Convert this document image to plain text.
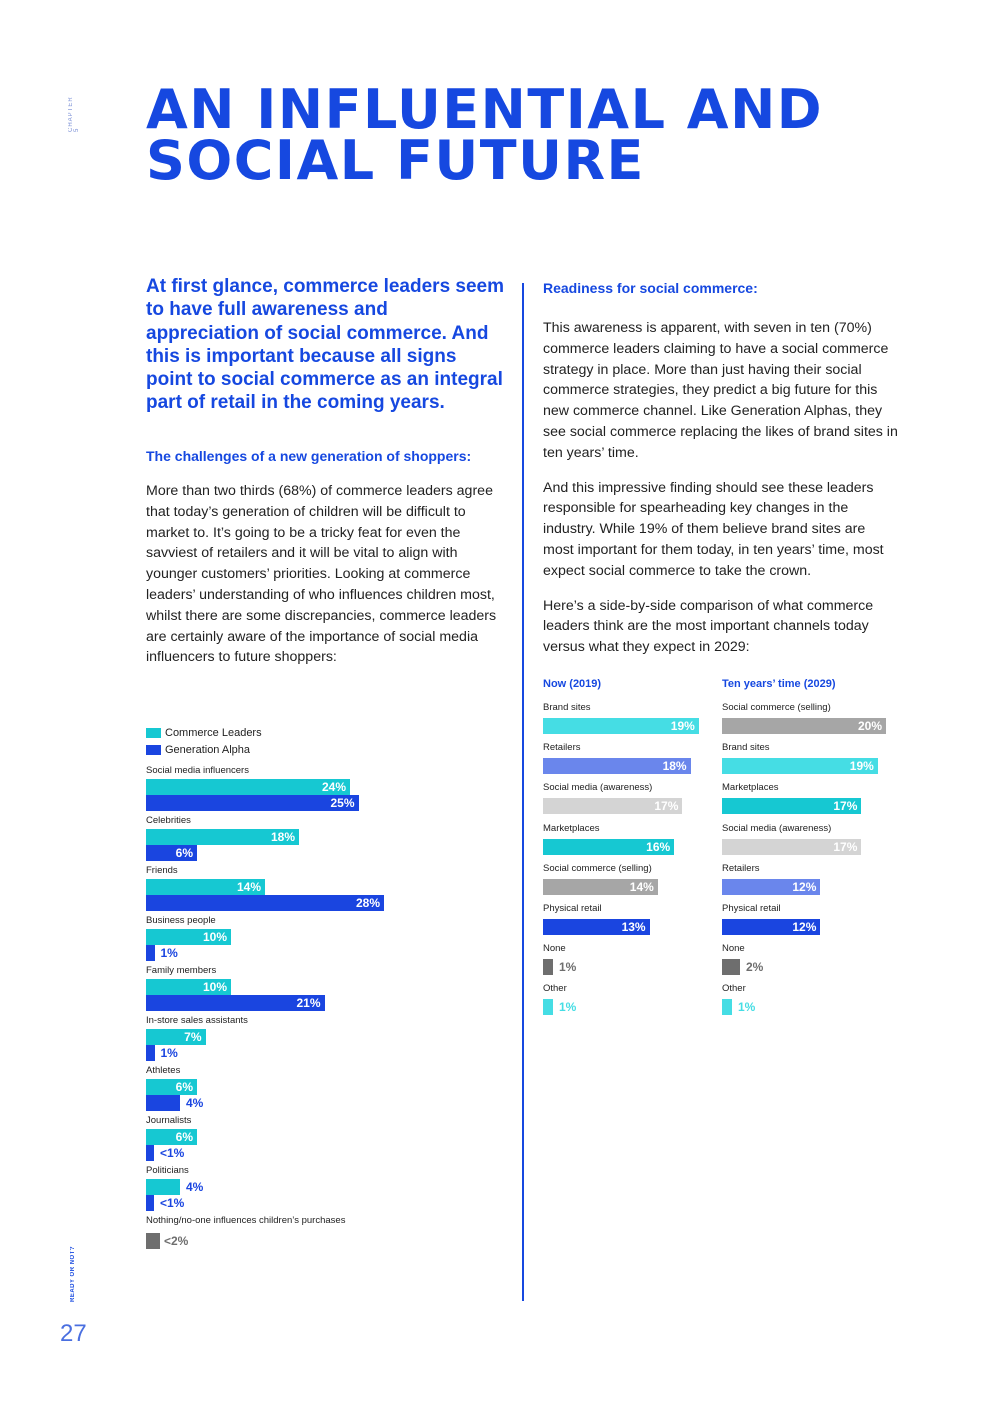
CHAPTER 5
READY OR NOT?
27
AN INFLUENTIAL AND
SOCIAL FUTURE

At first glance, commerce leaders seem to have full awareness and appreciation of social commerce. And this is important because all signs point to social commerce as an integral part of retail in the coming years.

The challenges of a new generation of shoppers:

More than two thirds (68%) of commerce leaders agree that today’s generation of children will be difficult to market to. It’s going to be a tricky feat for even the savviest of retailers and it will be vital to align with younger customers’ priorities. Looking at commerce leaders’ understanding of who influences children most, whilst there are some discrepancies, commerce leaders are certainly aware of the importance of social media influencers to future shoppers:

Readiness for social commerce:

This awareness is apparent, with seven in ten (70%) commerce leaders claiming to have a social commerce strategy in place. More than just having their social commerce strategies, they predict a big future for this new commerce channel. Like Generation Alphas, they see social commerce replacing the likes of brand sites in ten years’ time.

And this impressive finding should see these leaders responsible for spearheading key changes in the industry. While 19% of them believe brand sites are most important for them today, in ten years’ time, most expect social commerce to take the crown.

Here’s a side-by-side comparison of what commerce leaders think are the most important channels today versus what they expect in 2029:

Commerce Leaders
Generation Alpha
Social media influencers
24%
25%
Celebrities
18%
6%
Friends
14%
28%
Business people
10%
1%
Family members
10%
21%
In-store sales assistants
7%
1%
Athletes
6%
4%
Journalists
6%
<1%
Politicians
4%
<1%
Nothing/no-one influences children’s purchases
<2%
Now (2019)
Brand sites
19%
Retailers
18%
Social media (awareness)
17%
Marketplaces
16%
Social commerce (selling)
14%
Physical retail
13%
None
1%
Other
1%
Ten years’ time (2029)
Social commerce (selling)
20%
Brand sites
19%
Marketplaces
17%
Social media (awareness)
17%
Retailers
12%
Physical retail
12%
None
2%
Other
1%
